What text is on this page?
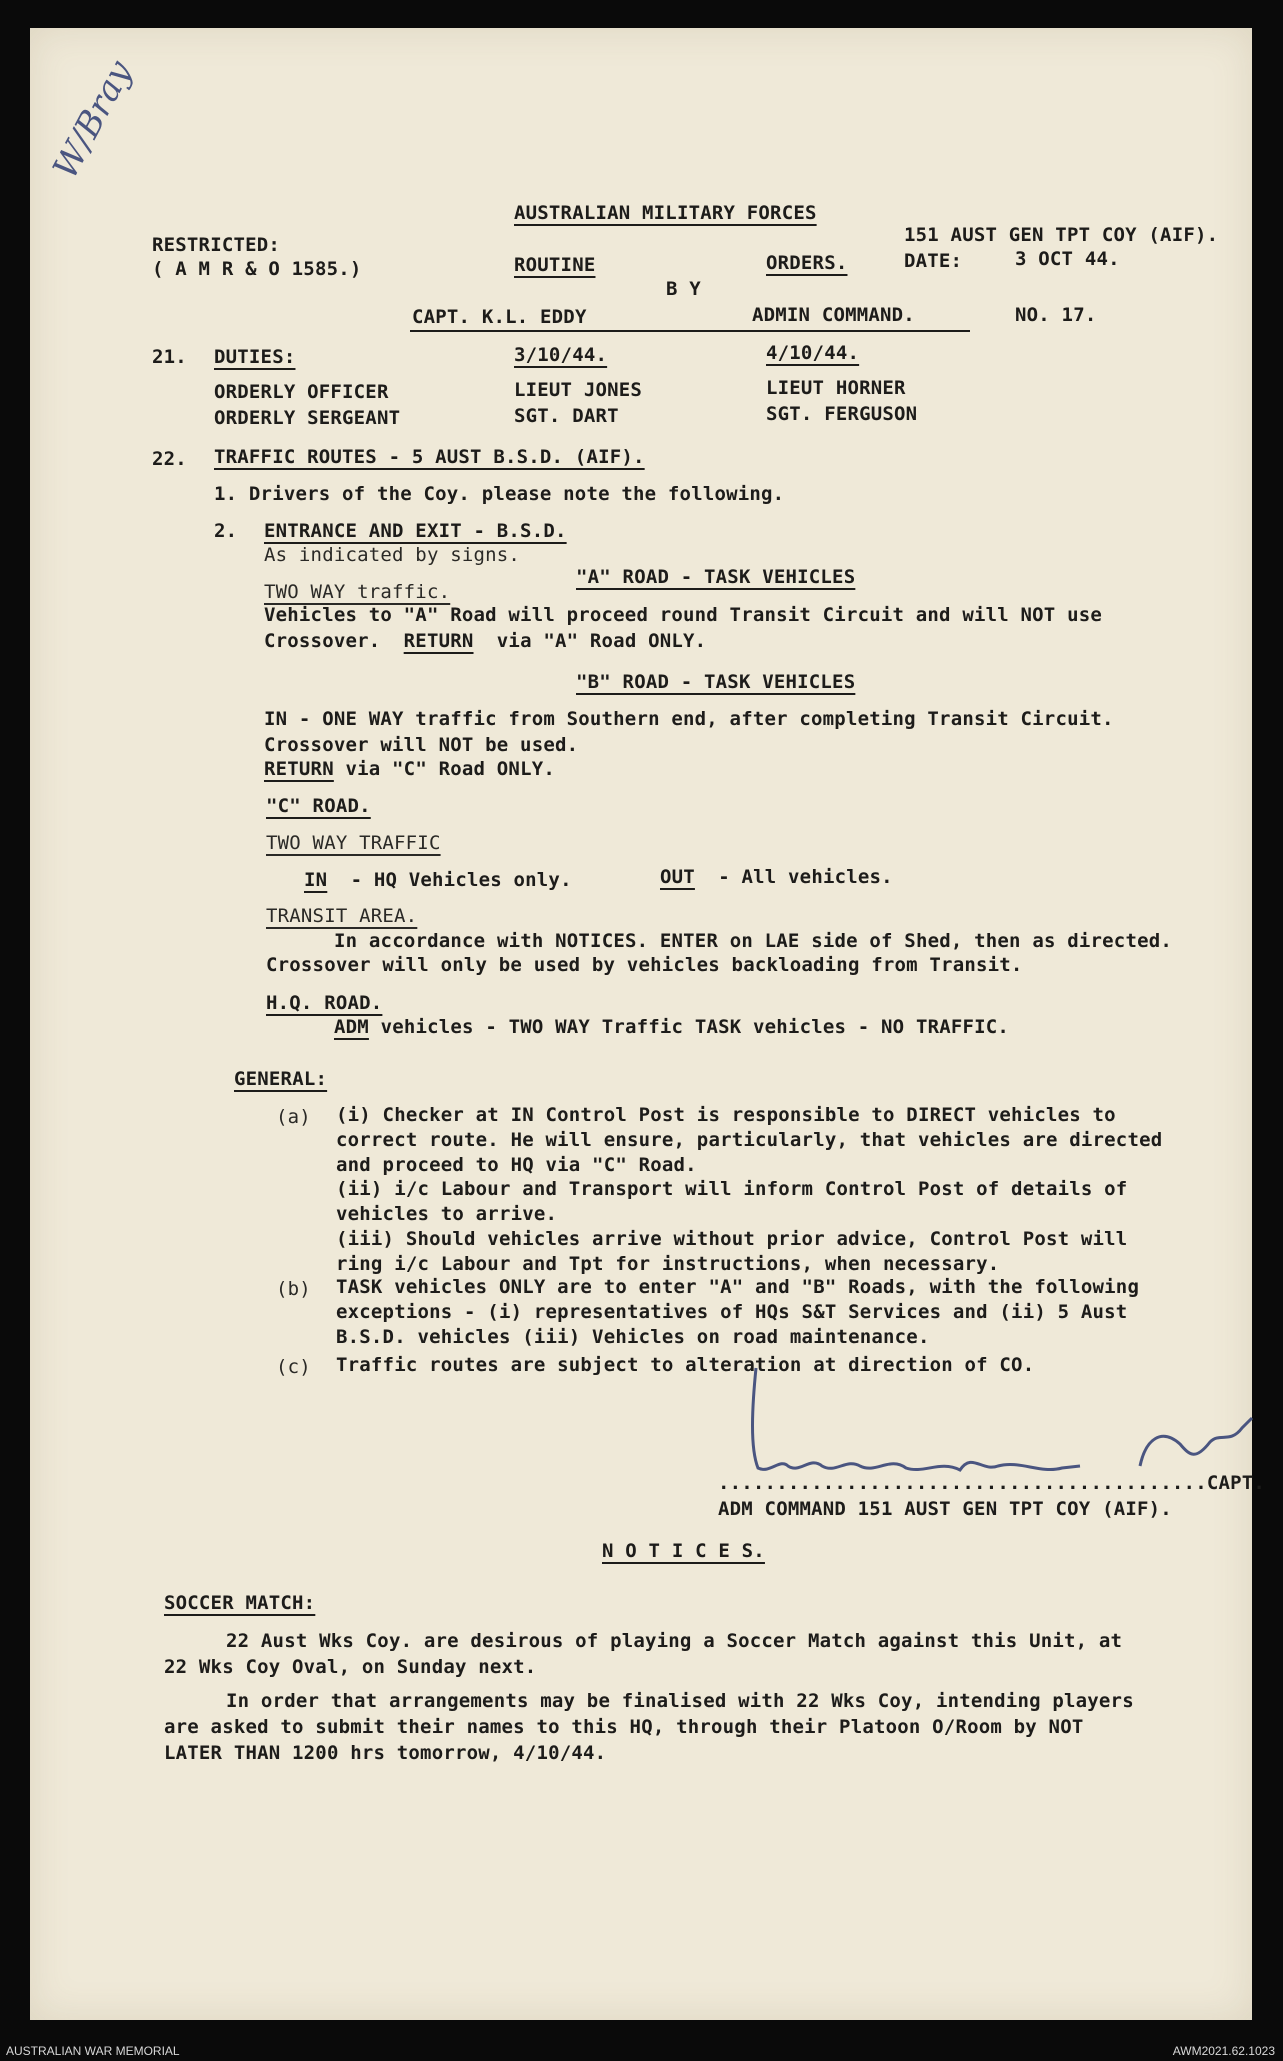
W/Bray
AUSTRALIAN MILITARY FORCES
RESTRICTED:
( A M R & O 1585.)	ROUTINE	ORDERS.
B Y
151 AUST GEN TPT COY (AIF).
DATE:	3 OCT 44.
CAPT. K.L. EDDY	ADMIN COMMAND.	NO. 17.
21. DUTIES:	3/10/44.	4/10/44.
ORDERLY OFFICER	LIEUT JONES	LIEUT HORNER
ORDERLY SERGEANT	SGT. DART	SGT. FERGUSON
22. TRAFFIC ROUTES - 5 AUST B.S.D. (AIF).
1. Drivers of the Coy. please note the following.
2. ENTRANCE AND EXIT - B.S.D.
As indicated by signs.
"A" ROAD - TASK VEHICLES
TWO WAY traffic.
Vehicles to "A" Road will proceed round Transit Circuit and will NOT use
Crossover. RETURN via "A" Road ONLY.
"B" ROAD - TASK VEHICLES
IN - ONE WAY traffic from Southern end, after completing Transit Circuit.
Crossover will NOT be used.
RETURN via "C" Road ONLY.
"C" ROAD.
TWO WAY TRAFFIC
IN - HQ Vehicles only.	OUT - All vehicles.
TRANSIT AREA.
In accordance with NOTICES. ENTER on LAE side of Shed, then as directed.
Crossover will only be used by vehicles backloading from Transit.
H.Q. ROAD.
ADM vehicles - TWO WAY Traffic TASK vehicles - NO TRAFFIC.
GENERAL:
(a) (i) Checker at IN Control Post is responsible to DIRECT vehicles to
correct route. He will ensure, particularly, that vehicles are directed
and proceed to HQ via "C" Road.
(ii) i/c Labour and Transport will inform Control Post of details of
vehicles to arrive.
(iii) Should vehicles arrive without prior advice, Control Post will
ring i/c Labour and Tpt for instructions, when necessary.
(b) TASK vehicles ONLY are to enter "A" and "B" Roads, with the following
exceptions - (i) representatives of HQs S&T Services and (ii) 5 Aust
B.S.D. vehicles (iii) Vehicles on road maintenance.
(c) Traffic routes are subject to alteration at direction of CO.
..........................................CAPT.
ADM COMMAND 151 AUST GEN TPT COY (AIF).
N O T I C E S.
SOCCER MATCH:
22 Aust Wks Coy. are desirous of playing a Soccer Match against this Unit, at
22 Wks Coy Oval, on Sunday next.
In order that arrangements may be finalised with 22 Wks Coy, intending players
are asked to submit their names to this HQ, through their Platoon O/Room by NOT
LATER THAN 1200 hrs tomorrow, 4/10/44.
AUSTRALIAN WAR MEMORIAL	AWM2021.62.1023
